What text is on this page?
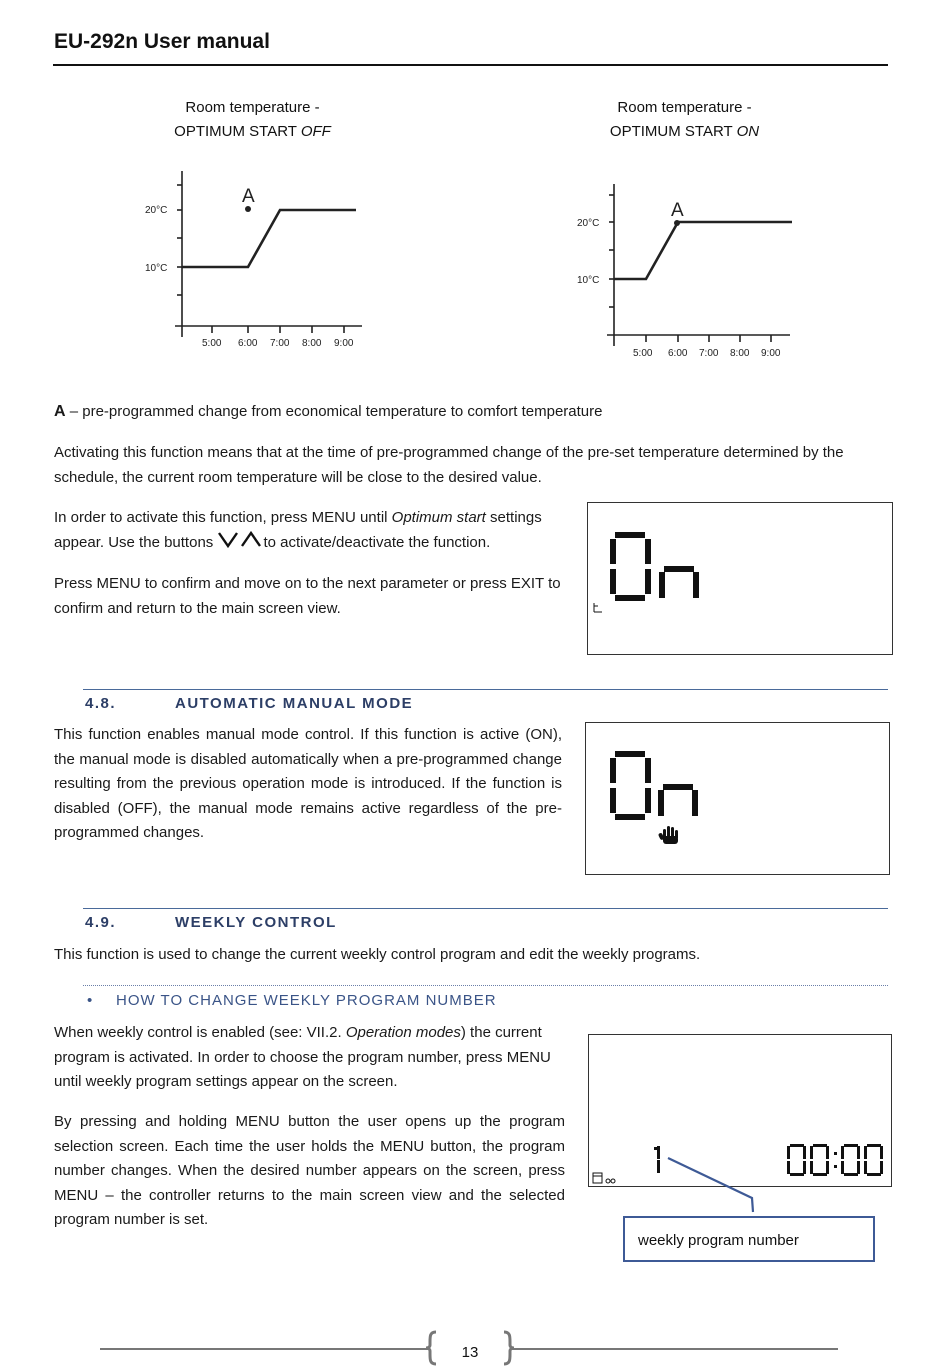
EU-292n User manual
Room temperature -
OPTIMUM START OFF
Room temperature -
OPTIMUM START ON
A
20°C
10°C
5:00 6:00 7:00 8:00 9:00
A
20°C
10°C
5:00 6:00 7:00 8:00 9:00
A – pre-programmed change from economical temperature to comfort temperature
Activating this function means that at the time of pre-programmed change of the pre-set temperature determined by the schedule, the current room temperature will be close to the desired value.
In order to activate this function, press MENU until Optimum start settings appear. Use the buttons	to activate/deactivate the function.
Press MENU to confirm and move on to the next parameter or press EXIT to confirm and return to the main screen view.
4.8.	AUTOMATIC MANUAL MODE
This function enables manual mode control. If this function is active (ON), the manual mode is disabled automatically when a pre-programmed change resulting from the previous operation mode is introduced. If the function is disabled (OFF), the manual mode remains active regardless of the pre-programmed changes.
4.9.	WEEKLY CONTROL
This function is used to change the current weekly control program and edit the weekly programs.
• HOW TO CHANGE WEEKLY PROGRAM NUMBER
When weekly control is enabled (see: VII.2. Operation modes) the current program is activated. In order to choose the program number, press MENU until weekly program settings appear on the screen.
By pressing and holding MENU button the user opens up the program selection screen. Each time the user holds the MENU button, the program number changes. When the desired number appears on the screen, press MENU – the controller returns to the main screen view and the selected program number is set.
weekly program number
13
